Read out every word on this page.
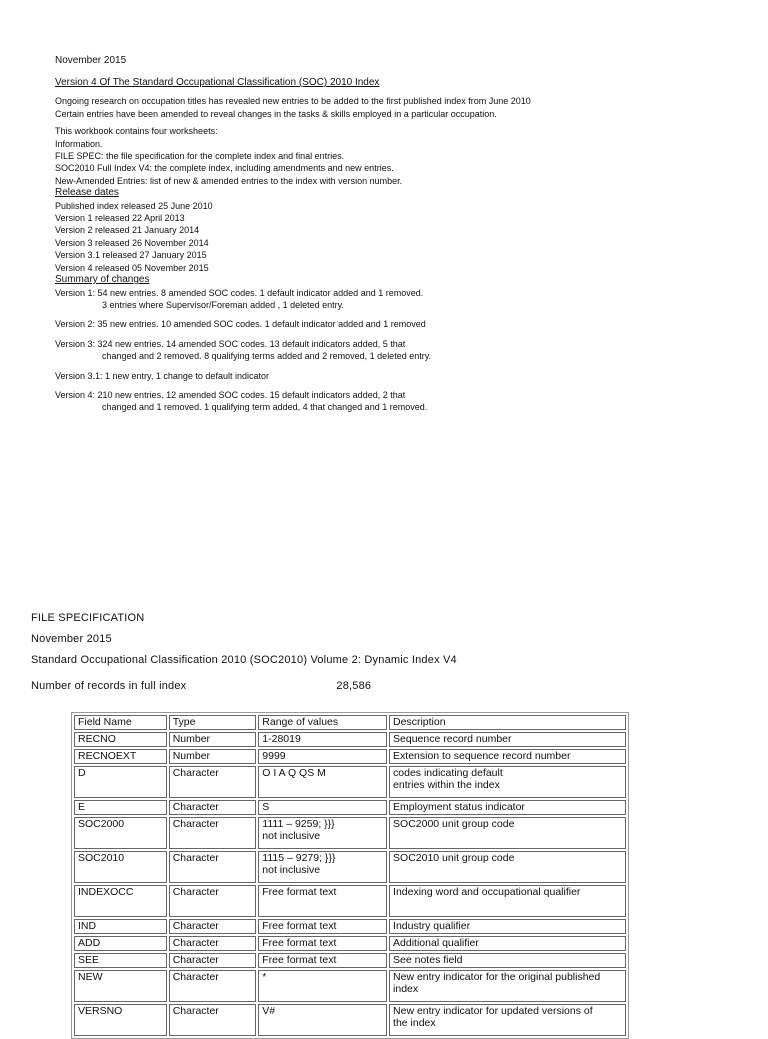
November 2015

Version 4 Of The Standard Occupational Classification (SOC) 2010 Index

Ongoing research on occupation titles has revealed new entries to be added to the first published index from June 2010

Certain entries have been amended to reveal changes in the tasks & skills employed in a particular occupation.

This workbook contains four worksheets:

Information.

FILE SPEC: the file specification for the complete index and final entries.

SOC2010 Full Index V4: the complete index, including amendments and new entries.

New-Amended Entries: list of new & amended entries to the index with version number.

Release dates

Published index released 25 June 2010

Version 1 released 22 April 2013

Version 2 released 21 January 2014

Version 3 released 26 November 2014

Version 3.1 released 27 January 2015

Version 4 released 05 November 2015

Summary of changes

Version 1: 54 new entries. 8 amended SOC codes. 1 default indicator added and 1 removed.

3 entries where Supervisor/Foreman added , 1 deleted entry.

Version 2: 35 new entries. 10 amended SOC codes. 1 default indicator added and 1 removed

Version 3: 324 new entries. 14 amended SOC codes. 13 default indicators added, 5 that

changed and 2 removed. 8 qualifying terms added and 2 removed, 1 deleted entry.

Version 3.1: 1 new entry, 1 change to default indicator

Version 4: 210 new entries. 12 amended SOC codes. 15 default indicators added, 2 that

changed and 1 removed. 1 qualifying term added, 4 that changed and 1 removed.

FILE SPECIFICATION
November 2015
Standard Occupational Classification 2010 (SOC2010) Volume 2: Dynamic Index V4
Number of records in full index	28,586
Field Name	Type	Range of values	Description
RECNO	Number	1-28019	Sequence record number
RECNOEXT	Number	9999	Extension to sequence record number
D	Character	O I A Q QS M	codes indicating default
entries within the index
E	Character	S	Employment status indicator
SOC2000	Character	1111 – 9259; }}}
not inclusive	SOC2000 unit group code
SOC2010	Character	1115 – 9279; }}}
not inclusive	SOC2010 unit group code
INDEXOCC	Character	Free format text	Indexing word and occupational qualifier
IND	Character	Free format text	Industry qualifier
ADD	Character	Free format text	Additional qualifier
SEE	Character	Free format text	See notes field
NEW	Character	*	New entry indicator for the original published
index
VERSNO	Character	V#	New entry indicator for updated versions of
the index
